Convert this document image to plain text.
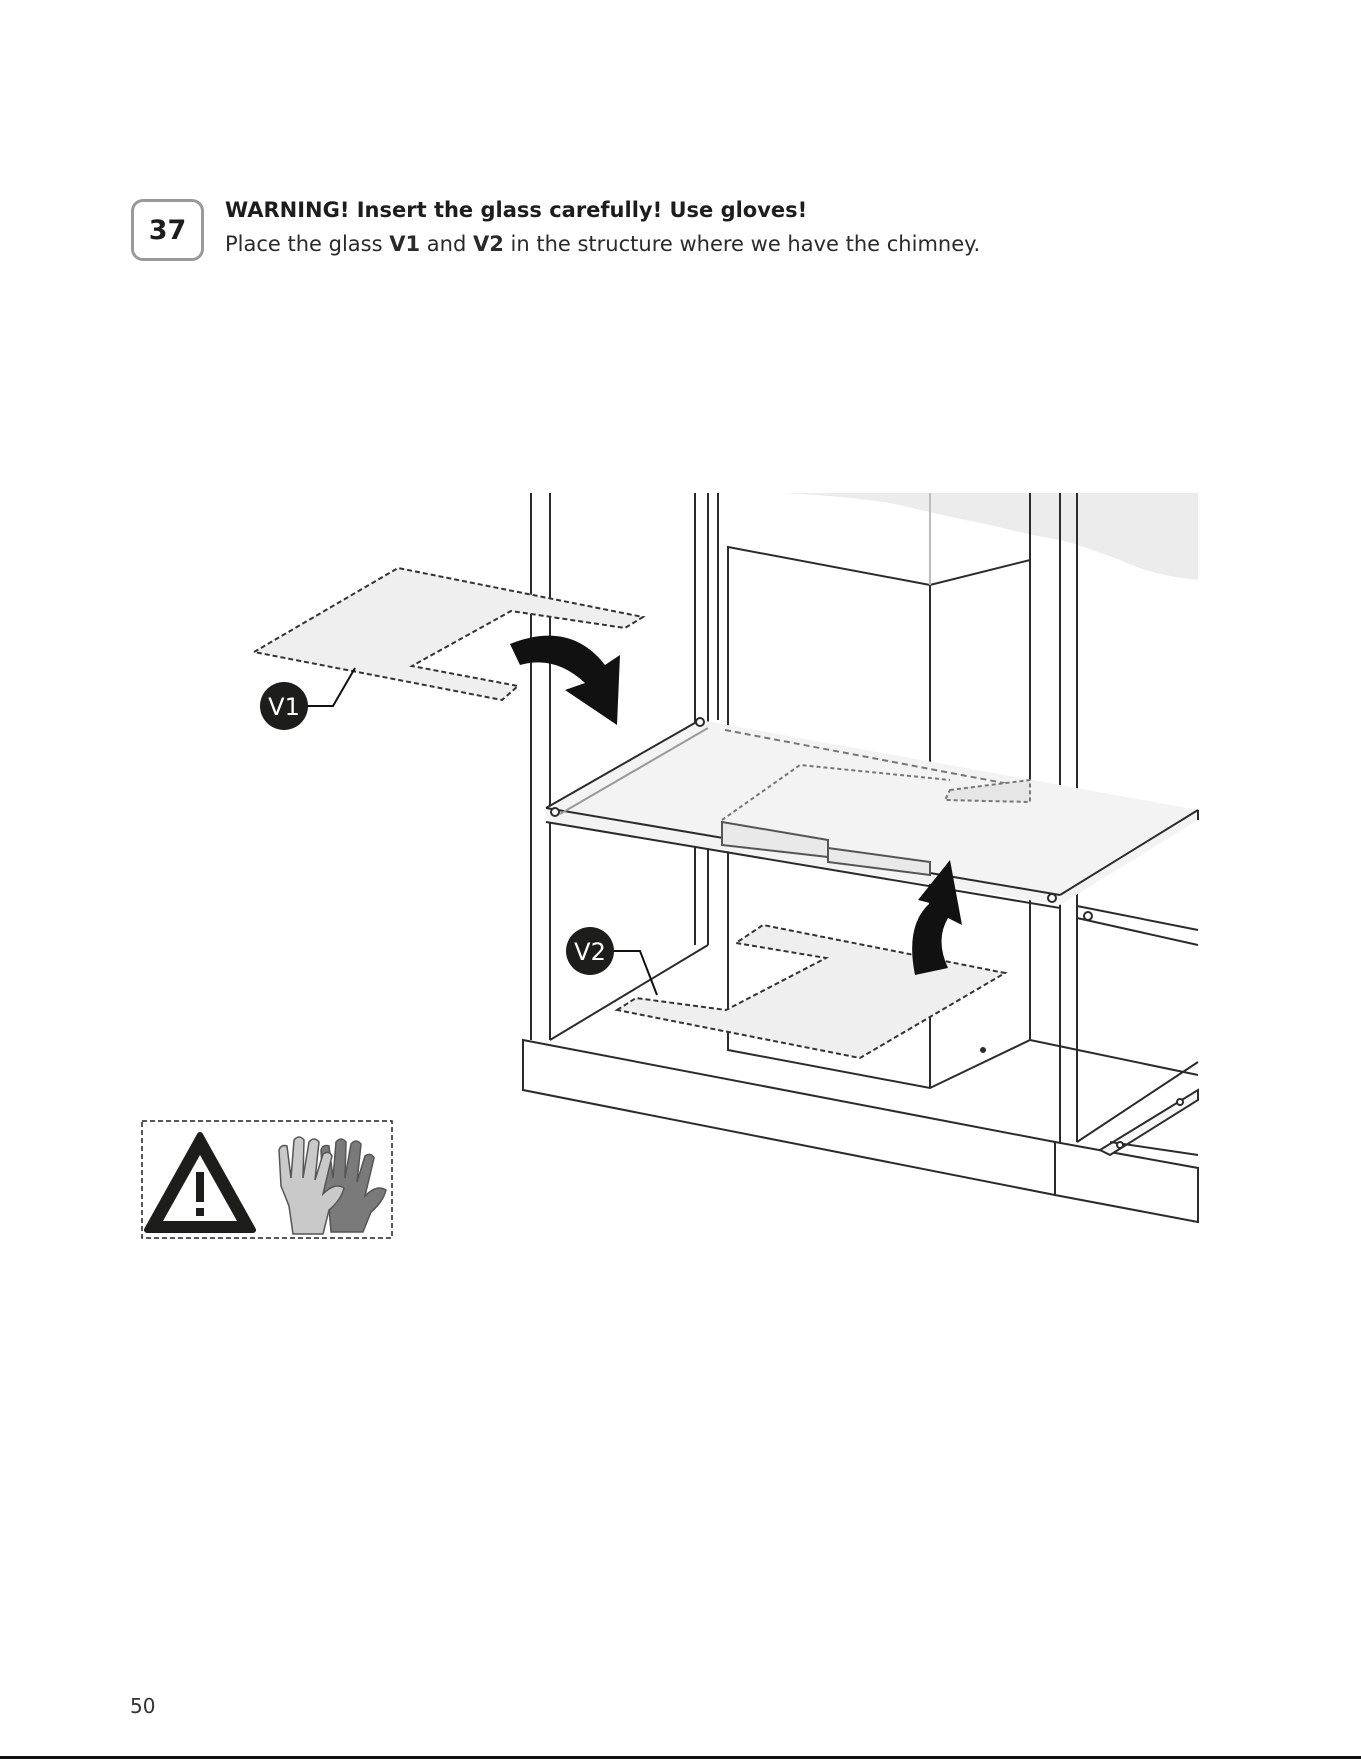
37
WARNING! Insert the glass carefully! Use gloves!
Place the glass V1 and V2 in the structure where we have the chimney.
V1
V2
50
